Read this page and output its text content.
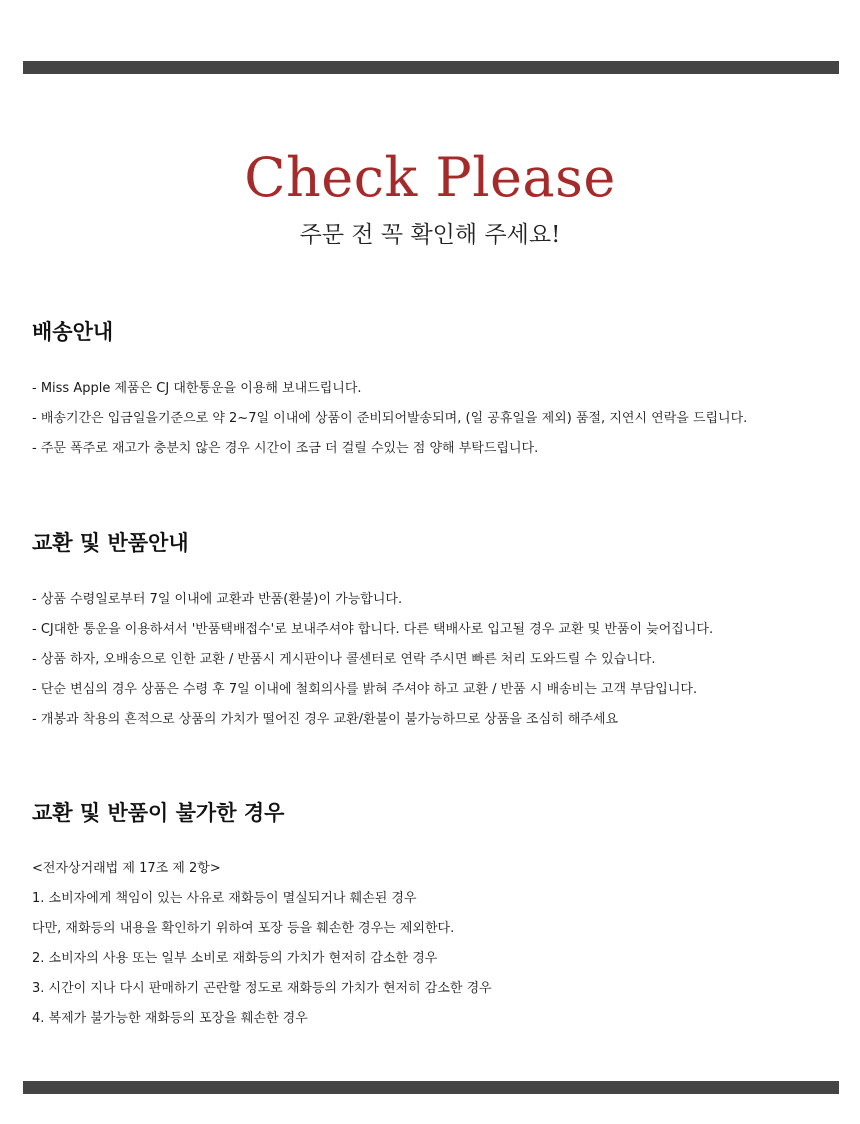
Check Please
주문 전 꼭 확인해 주세요!
배송안내
- Miss Apple 제품은 CJ 대한통운을 이용해 보내드립니다.
- 배송기간은 입금일을기준으로 약 2~7일 이내에 상품이 준비되어발송되며, (일 공휴일을 제외) 품절, 지연시 연락을 드립니다.
- 주문 폭주로 재고가 충분치 않은 경우 시간이 조금 더 걸릴 수있는 점 양해 부탁드립니다.
교환 및 반품안내
- 상품 수령일로부터 7일 이내에 교환과 반품(환불)이 가능합니다.
- CJ대한 통운을 이용하셔서 '반품택배접수'로 보내주셔야 합니다. 다른 택배사로 입고될 경우 교환 및 반품이 늦어집니다.
- 상품 하자, 오배송으로 인한 교환 / 반품시 게시판이나 콜센터로 연락 주시면 빠른 처리 도와드릴 수 있습니다.
- 단순 변심의 경우 상품은 수령 후 7일 이내에 철회의사를 밝혀 주셔야 하고 교환 / 반품 시 배송비는 고객 부담입니다.
- 개봉과 착용의 흔적으로 상품의 가치가 떨어진 경우 교환/환불이 불가능하므로 상품을 조심히 해주세요
교환 및 반품이 불가한 경우
<전자상거래법 제 17조 제 2항>
1. 소비자에게 책임이 있는 사유로 재화등이 멸실되거나 훼손된 경우
다만, 재화등의 내용을 확인하기 위하여 포장 등을 훼손한 경우는 제외한다.
2. 소비자의 사용 또는 일부 소비로 재화등의 가치가 현저히 감소한 경우
3. 시간이 지나 다시 판매하기 곤란할 정도로 재화등의 가치가 현저히 감소한 경우
4. 복제가 불가능한 재화등의 포장을 훼손한 경우
